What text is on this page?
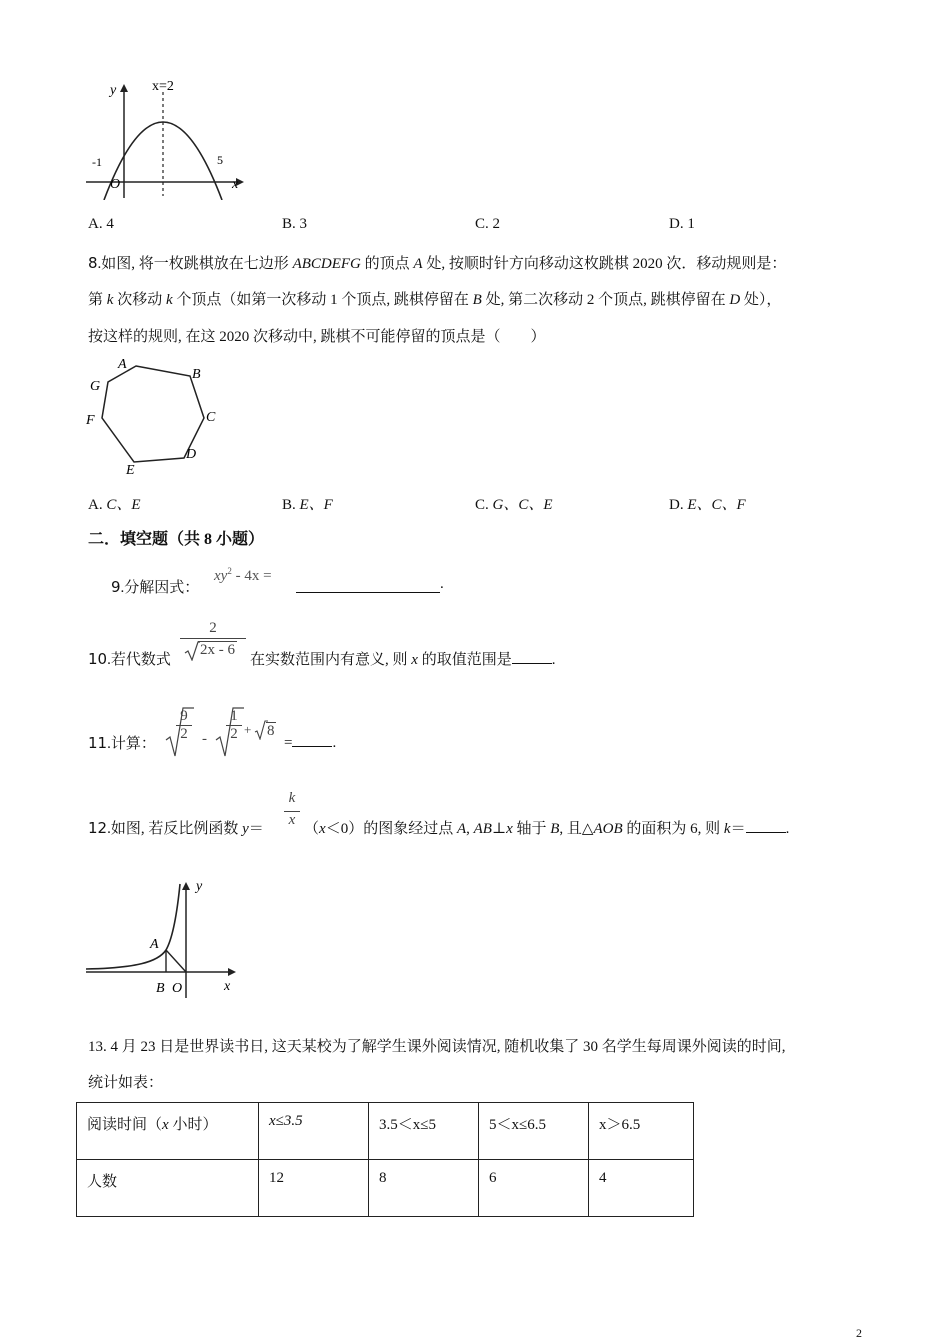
y	x=2
-1
O
5
x
A. 4	B. 3	C. 2	D. 1
8.如图, 将一枚跳棋放在七边形 ABCDEFG 的顶点 A 处, 按顺时针方向移动这枚跳棋 2020 次．移动规则是：
第 k 次移动 k 个顶点（如第一次移动 1 个顶点, 跳棋停留在 B 处, 第二次移动 2 个顶点, 跳棋停留在 D 处），
按这样的规则, 在这 2020 次移动中, 跳棋不可能停留的顶点是（　　）
A
B
C
D
E
F
G
A. C、E	B. E、F	C. G、C、E	D. E、C、F
二．填空题（共 8 小题）
9.分解因式：
$xy^2 - 4x$ =	.
10.若代数式
2
2x - 6
在实数范围内有意义, 则 x 的取值范围是	.
11.计算：
$\frac{9}{2} - \frac{1}{2} + 8$
=	.
12.如图, 若反比例函数 $y= \frac{k}{x} (x<0)$的图象经过点 A, AB⊥x 轴于 B, 且△AOB 的面积为 6, 则 k＝	.
y
A
B O	x
13. 4 月 23 日是世界读书日, 这天某校为了解学生课外阅读情况, 随机收集了 30 名学生每周课外阅读的时间,
统计如表：
阅读时间（x 小时）	x≤3.5	3.5＜x≤5	5＜x≤6.5	x＞6.5
人数	12	8	6	4
2
